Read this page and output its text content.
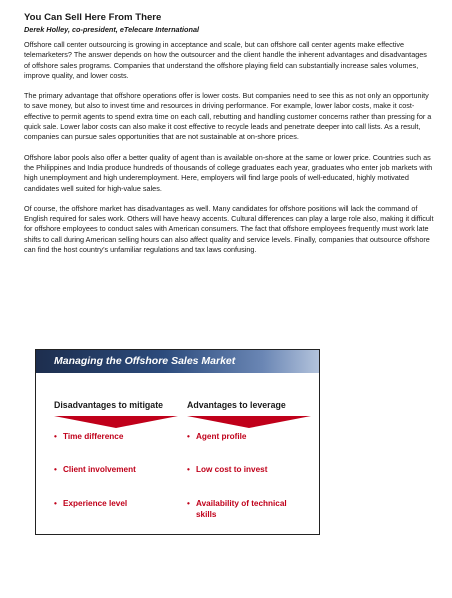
You Can Sell Here From There

Derek Holley, co-president, eTelecare International

Offshore call center outsourcing is growing in acceptance and scale, but can offshore call center agents make effective telemarketers? The answer depends on how the outsourcer and the client handle the inherent advantages and disadvantages of offshore sales programs. Companies that understand the offshore playing field can substantially increase sales volumes, improve quality, and lower costs.

The primary advantage that offshore operations offer is lower costs. But companies need to see this as not only an opportunity to save money, but also to invest time and resources in driving performance. For example, lower labor costs, make it cost-effective to permit agents to spend extra time on each call, rebutting and handling customer concerns rather than pressing for a quick sale. Lower labor costs can also make it cost effective to recycle leads and penetrate deeper into call lists. As a result, companies can pursue sales opportunities that are not sustainable at on-shore prices.

Offshore labor pools also offer a better quality of agent than is available on-shore at the same or lower price. Countries such as the Philippines and India produce hundreds of thousands of college graduates each year, graduates who enter job markets with high unemployment and high underemployment. Here, employers will find large pools of well-educated, highly motivated candidates well suited for high-value sales.

Of course, the offshore market has disadvantages as well. Many candidates for offshore positions will lack the command of English required for sales work. Others will have heavy accents. Cultural differences can play a large role also, making it difficult for offshore employees to conduct sales with American consumers. The fact that offshore employees frequently must work late shifts to call during American selling hours can also affect quality and service levels. Finally, companies that outsource offshore can find the host country’s unfamiliar regulations and tax laws confusing.

Managing the Offshore Sales Market
Disadvantages to mitigate	Advantages to leverage
• Time difference
• Client involvement
• Experience level
• Agent profile
• Low cost to invest
• Availability of technical skills
